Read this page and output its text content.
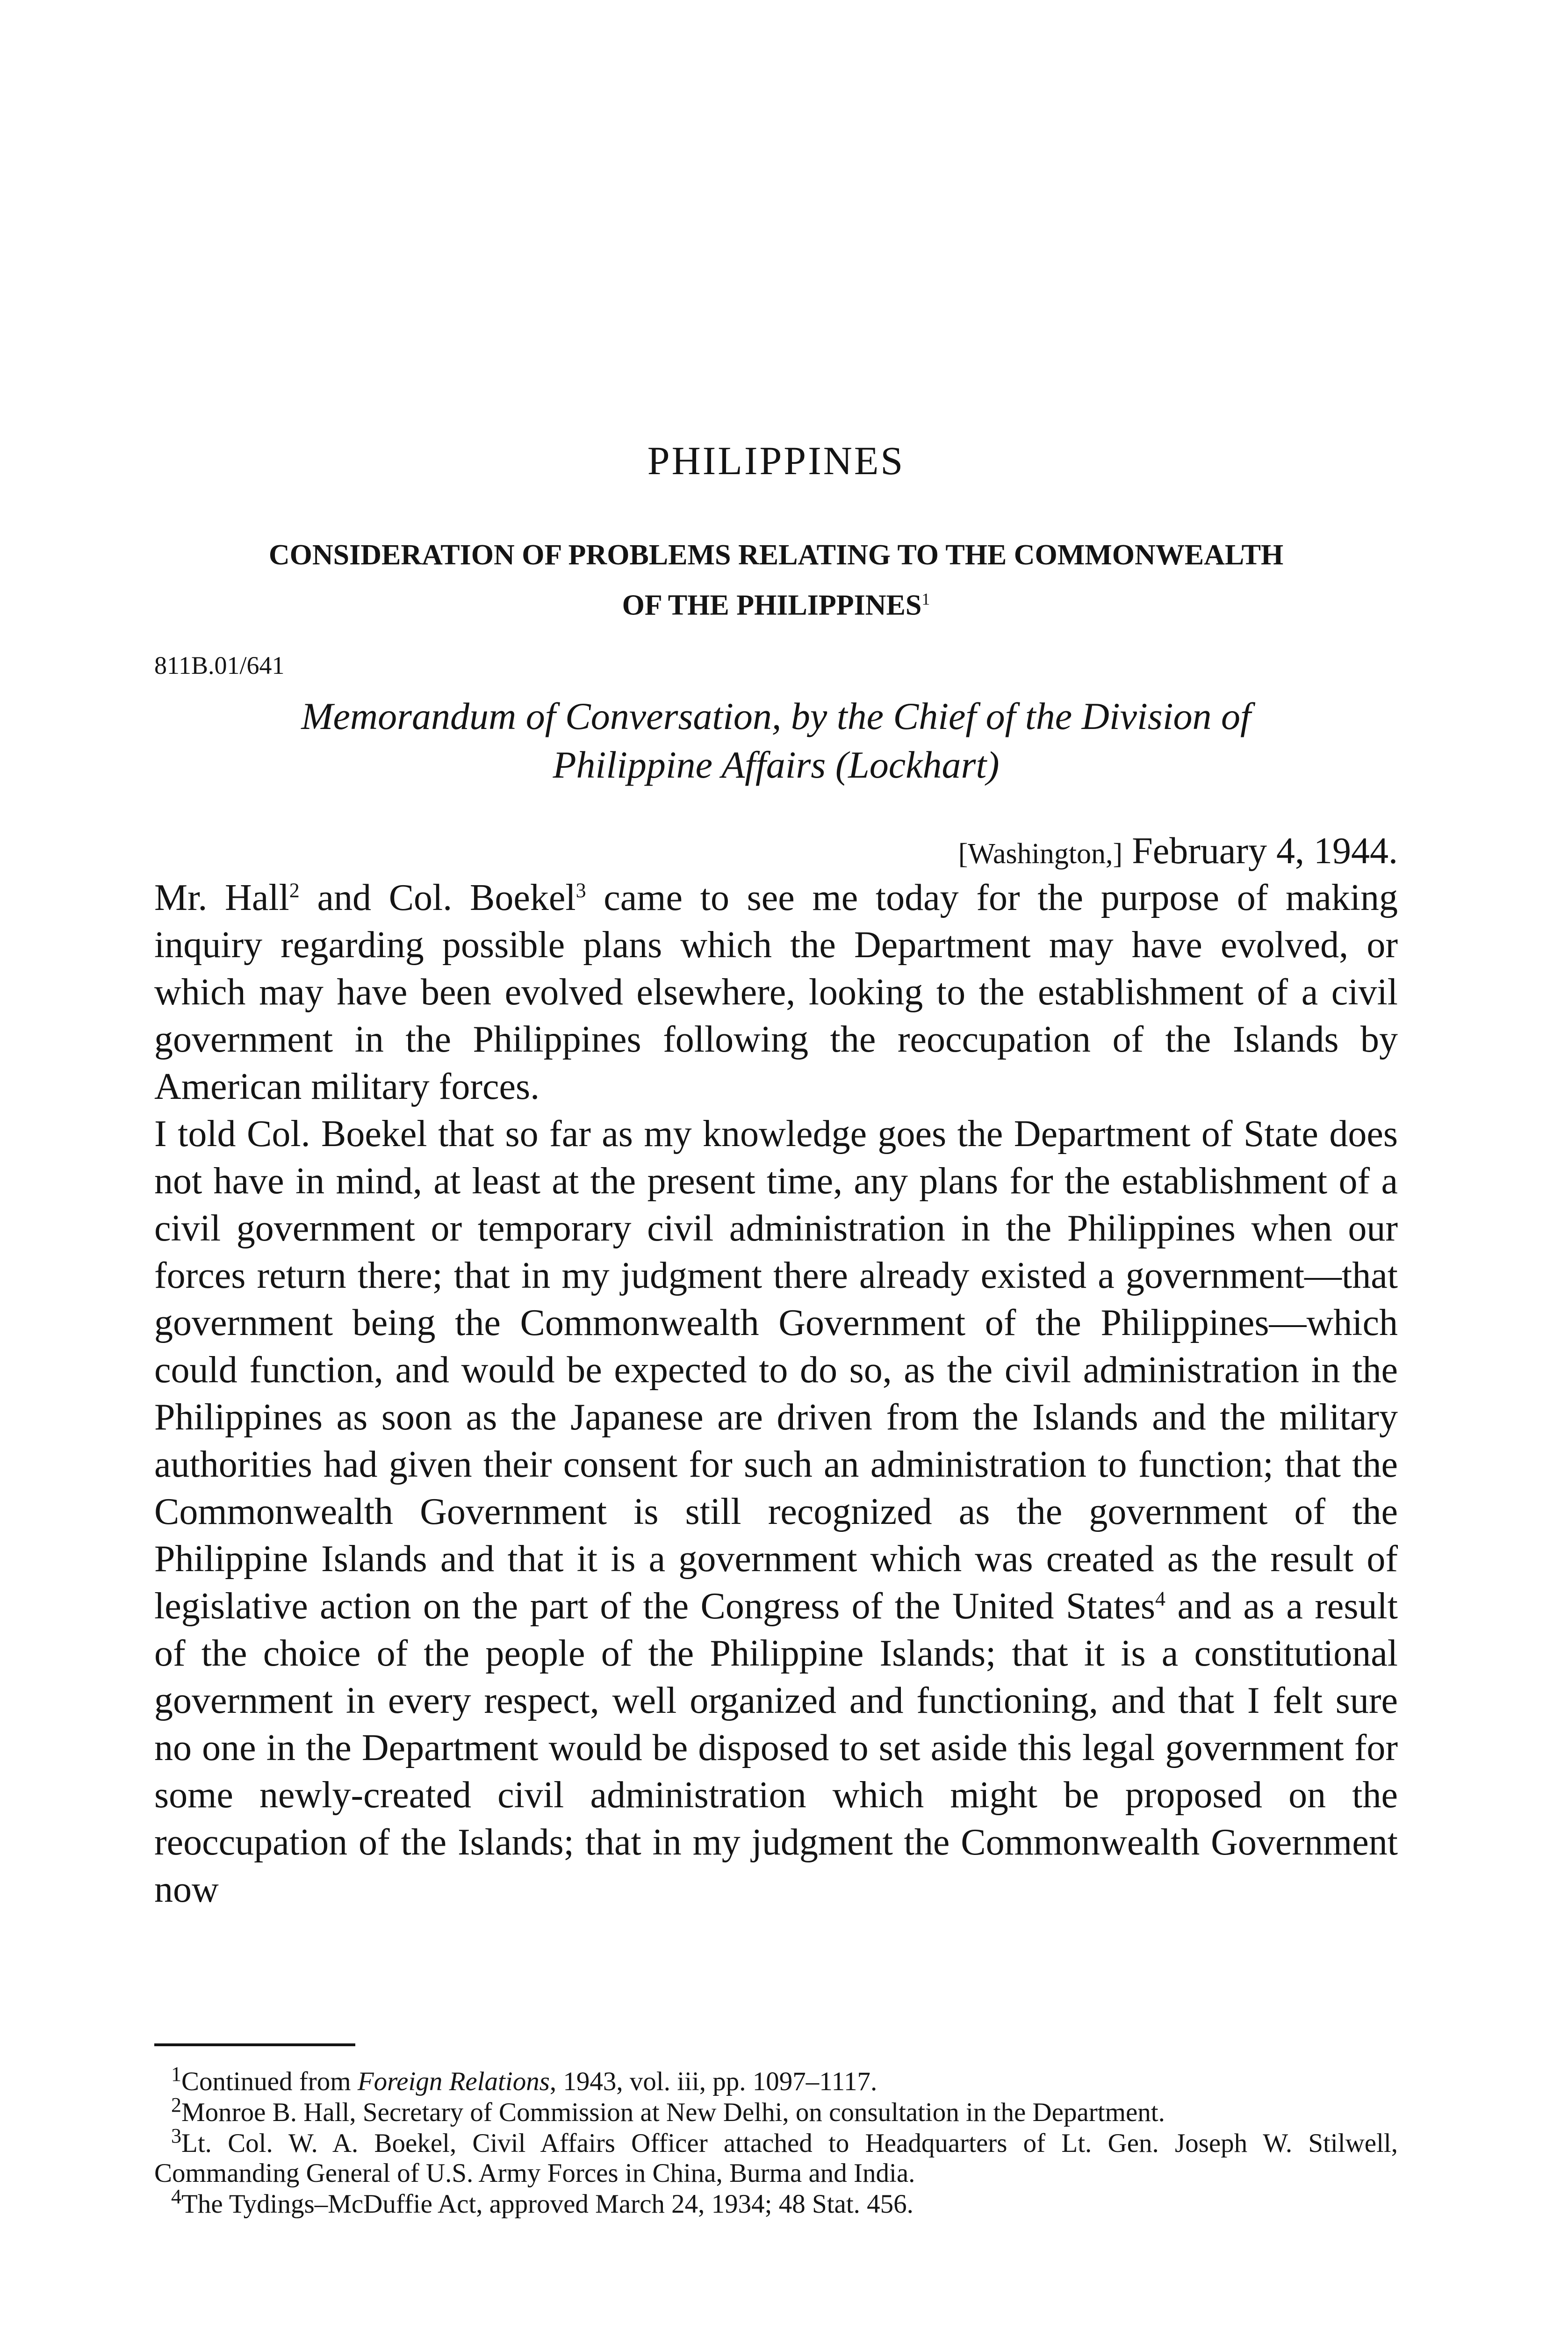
PHILIPPINES
CONSIDERATION OF PROBLEMS RELATING TO THE COMMONWEALTH
OF THE PHILIPPINES$^1$
811B.01/641
Memorandum of Conversation, by the Chief of the Division of
Philippine Affairs (Lockhart)
[Washington,] February 4, 1944.

Mr. Hall$^2$ and Col. Boekel$^3$ came to see me today for the purpose of making inquiry regarding possible plans which the Department may have evolved, or which may have been evolved elsewhere, looking to the establishment of a civil government in the Philippines following the reoccupation of the Islands by American military forces.

I told Col. Boekel that so far as my knowledge goes the Department of State does not have in mind, at least at the present time, any plans for the establishment of a civil government or temporary civil administration in the Philippines when our forces return there; that in my judgment there already existed a government—that government being the Commonwealth Government of the Philippines—which could function, and would be expected to do so, as the civil administration in the Philippines as soon as the Japanese are driven from the Islands and the military authorities had given their consent for such an administration to function; that the Commonwealth Government is still recognized as the government of the Philippine Islands and that it is a government which was created as the result of legislative action on the part of the Congress of the United States$^4$ and as a result of the choice of the people of the Philippine Islands; that it is a constitutional government in every respect, well organized and functioning, and that I felt sure no one in the Department would be disposed to set aside this legal government for some newly-created civil administration which might be proposed on the reoccupation of the Islands; that in my judgment the Commonwealth Government now

$^1$Continued from Foreign Relations, 1943, vol. iii, pp. 1097–1117.

$^2$Monroe B. Hall, Secretary of Commission at New Delhi, on consultation in the Department.

$^3$Lt. Col. W. A. Boekel, Civil Affairs Officer attached to Headquarters of Lt. Gen. Joseph W. Stilwell, Commanding General of U.S. Army Forces in China, Burma and India.

$^4$The Tydings–McDuffie Act, approved March 24, 1934; 48 Stat. 456.
